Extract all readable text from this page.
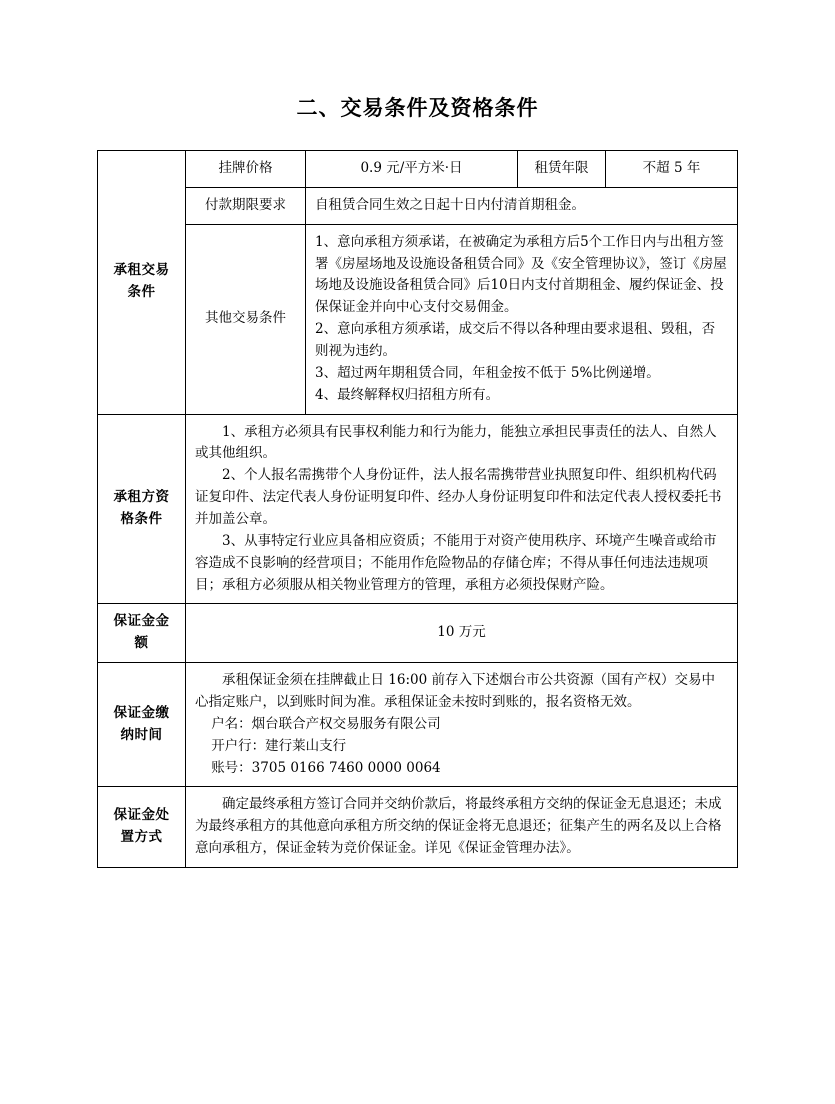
二、交易条件及资格条件
承租交易条件	挂牌价格	0.9 元/平方米·日	租赁年限	不超 5 年
	付款期限要求	自租赁合同生效之日起十日内付清首期租金。		
	其他交易条件	1、意向承租方须承诺，在被确定为承租方后5个工作日内与出租方签署《房屋场地及设施设备租赁合同》及《安全管理协议》，签订《房屋场地及设施设备租赁合同》后10日内支付首期租金、履约保证金、投保保证金并向中心支付交易佣金。

2、意向承租方须承诺，成交后不得以各种理由要求退租、毁租，否则视为违约。

3、超过两年期租赁合同，年租金按不低于 5%比例递增。

4、最终解释权归招租方所有。		

承租方资格条件	1、承租方必须具有民事权利能力和行为能力，能独立承担民事责任的法人、自然人或其他组织。

2、个人报名需携带个人身份证件，法人报名需携带营业执照复印件、组织机构代码证复印件、法定代表人身份证明复印件、经办人身份证明复印件和法定代表人授权委托书并加盖公章。

3、从事特定行业应具备相应资质；不能用于对资产使用秩序、环境产生噪音或给市容造成不良影响的经营项目；不能用作危险物品的存储仓库；不得从事任何违法违规项目；承租方必须服从相关物业管理方的管理，承租方必须投保财产险。			

保证金金额	10 万元			
保证金缴纳时间	承租保证金须在挂牌截止日 16:00 前存入下述烟台市公共资源（国有产权）交易中心指定账户，以到账时间为准。承租保证金未按时到账的，报名资格无效。

户名：烟台联合产权交易服务有限公司

开户行：建行莱山支行

账号：3705 0166 7460 0000 0064			

保证金处置方式	确定最终承租方签订合同并交纳价款后，将最终承租方交纳的保证金无息退还；未成为最终承租方的其他意向承租方所交纳的保证金将无息退还；征集产生的两名及以上合格意向承租方，保证金转为竞价保证金。详见《保证金管理办法》。			
